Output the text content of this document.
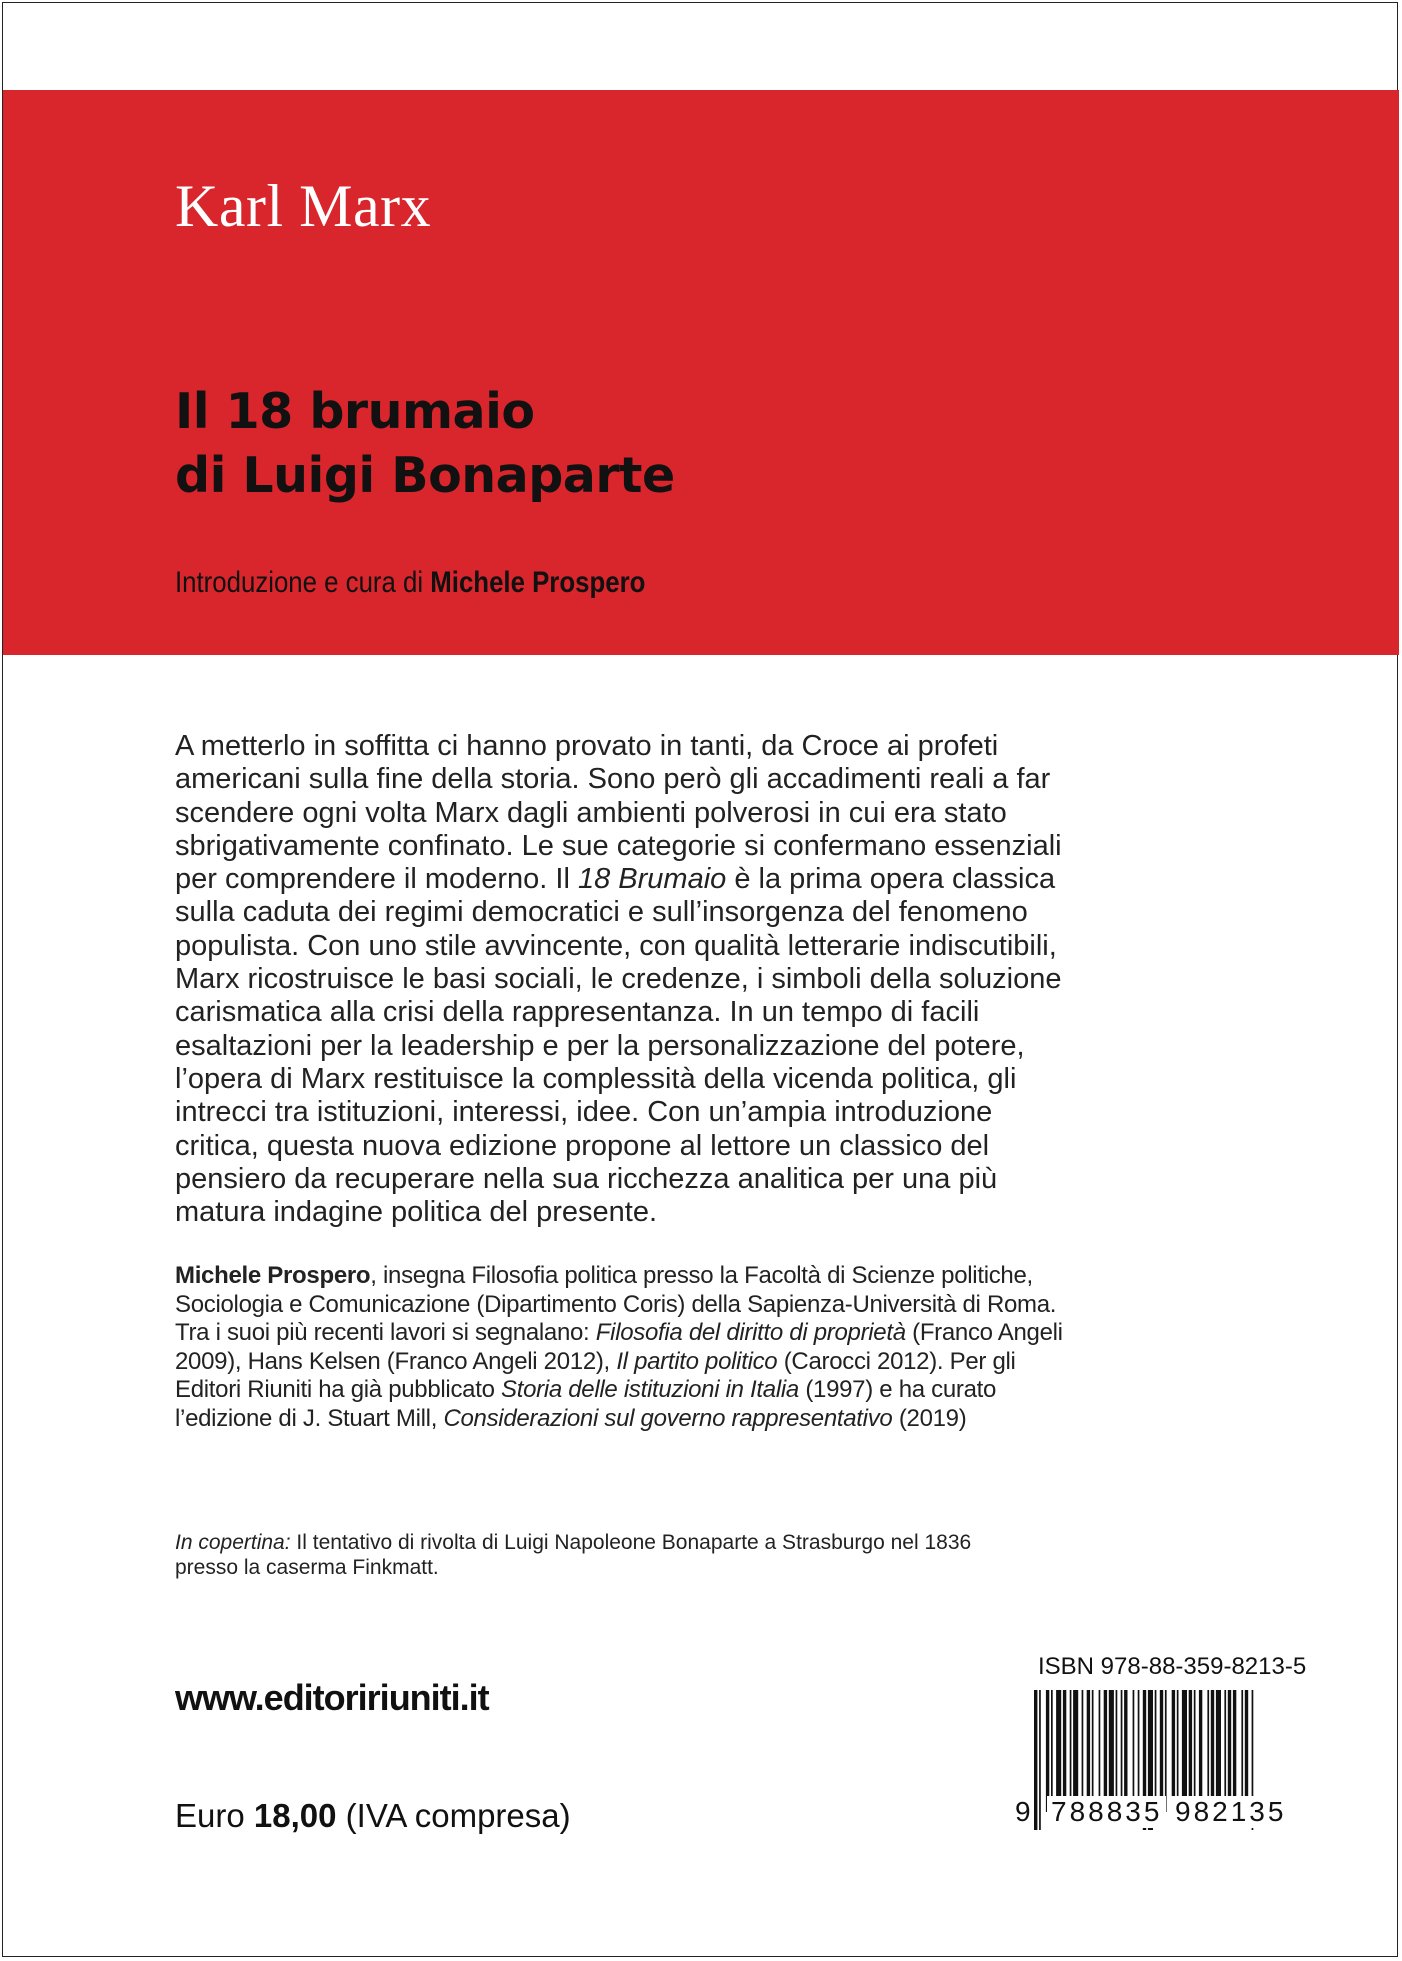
Karl Marx
Il 18 brumaio
di Luigi Bonaparte
Introduzione e cura di Michele Prospero

A metterlo in soffitta ci hanno provato in tanti, da Croce ai profeti americani sulla fine della storia. Sono però gli accadimenti reali a far scendere ogni volta Marx dagli ambienti polverosi in cui era stato sbrigativamente confinato. Le sue categorie si confermano essenziali per comprendere il moderno. Il 18 Brumaio è la prima opera classica sulla caduta dei regimi democratici e sull’insorgenza del fenomeno populista. Con uno stile avvincente, con qualità letterarie indiscutibili, Marx ricostruisce le basi sociali, le credenze, i simboli della soluzione carismatica alla crisi della rappresentanza. In un tempo di facili esaltazioni per la leadership e per la personalizzazione del potere, l’opera di Marx restituisce la complessità della vicenda politica, gli intrecci tra istituzioni, interessi, idee. Con un’ampia introduzione critica, questa nuova edizione propone al lettore un classico del pensiero da recuperare nella sua ricchezza analitica per una più matura indagine politica del presente.

Michele Prospero, insegna Filosofia politica presso la Facoltà di Scienze politiche, Sociologia e Comunicazione (Dipartimento Coris) della Sapienza-Università di Roma. Tra i suoi più recenti lavori si segnalano: Filosofia del diritto di proprietà (Franco Angeli 2009), Hans Kelsen (Franco Angeli 2012), Il partito politico (Carocci 2012). Per gli Editori Riuniti ha già pubblicato Storia delle istituzioni in Italia (1997) e ha curato l’edizione di J. Stuart Mill, Considerazioni sul governo rappresentativo (2019)

In copertina: Il tentativo di rivolta di Luigi Napoleone Bonaparte a Strasburgo nel 1836 presso la caserma Finkmatt.

www.editoririuniti.it
Euro 18,00 (IVA compresa)
ISBN 978-88-359-8213-5
9 788835 982135
